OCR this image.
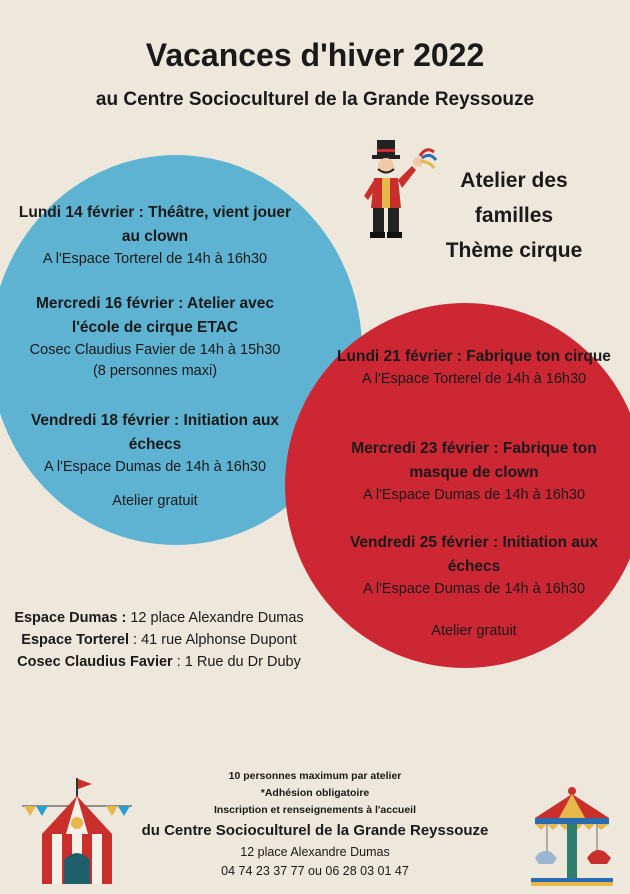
Vacances d'hiver 2022
au Centre Socioculturel de la Grande Reyssouze
Atelier des
familles
Thème cirque
Lundi 14 février : Théâtre, vient jouer au clown
A l'Espace Torterel de 14h à 16h30
Mercredi 16 février : Atelier avec l'école de cirque ETAC
Cosec Claudius Favier de 14h à 15h30
(8 personnes maxi)
Vendredi 18 février : Initiation aux échecs
A l'Espace Dumas de 14h à 16h30
Atelier gratuit
Lundi 21 février : Fabrique ton cirque
A l'Espace Torterel de 14h à 16h30
Mercredi 23 février : Fabrique ton masque de clown
A l'Espace Dumas de 14h à 16h30
Vendredi 25 février : Initiation aux échecs
A l'Espace Dumas de 14h à 16h30
Atelier gratuit
Espace Dumas : 12 place Alexandre Dumas
Espace Torterel : 41 rue Alphonse Dupont
Cosec Claudius Favier : 1 Rue du Dr Duby
10 personnes maximum par atelier
*Adhésion obligatoire
Inscription et renseignements à l'accueil
du Centre Socioculturel de la Grande Reyssouze
12 place Alexandre Dumas
04 74 23 37 77 ou 06 28 03 01 47
